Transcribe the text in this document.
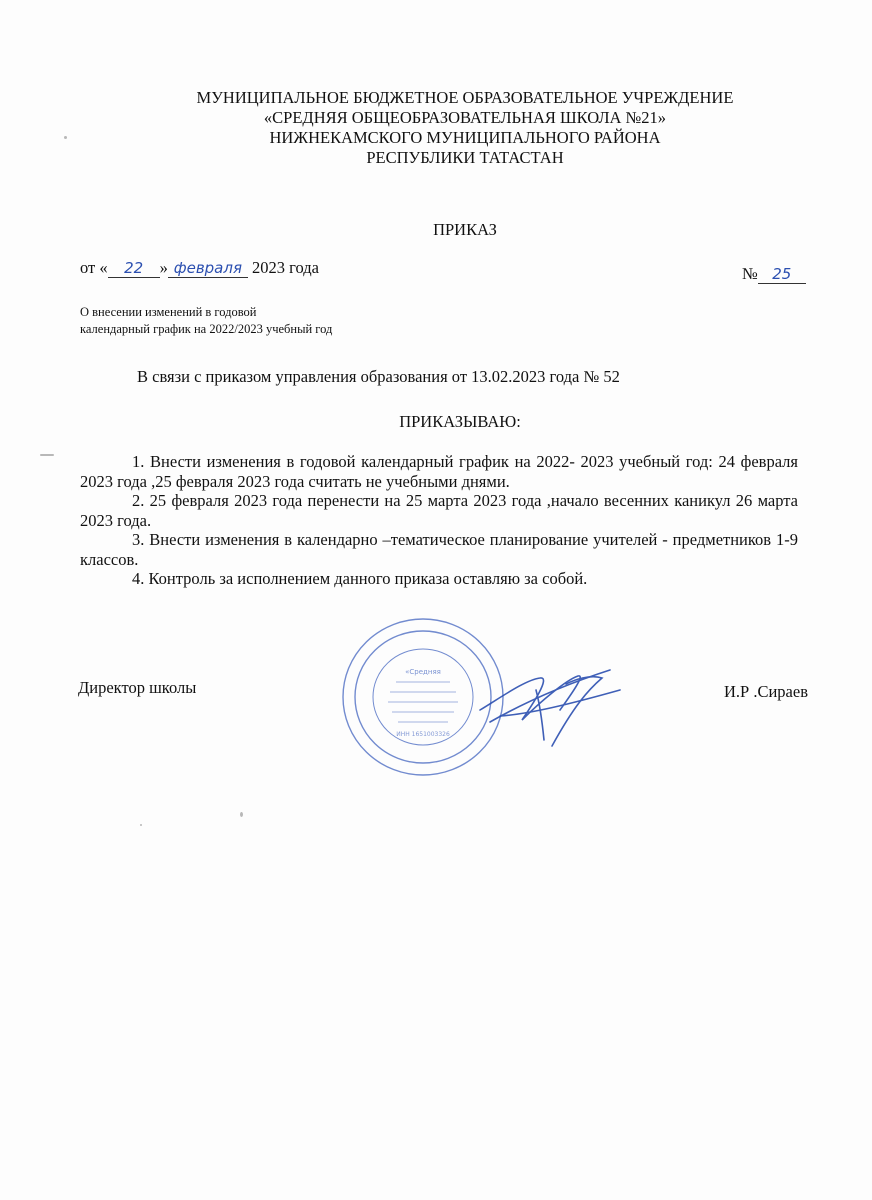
МУНИЦИПАЛЬНОЕ БЮДЖЕТНОЕ ОБРАЗОВАТЕЛЬНОЕ УЧРЕЖДЕНИЕ
«СРЕДНЯЯ ОБЩЕОБРАЗОВАТЕЛЬНАЯ ШКОЛА №21»
НИЖНЕКАМСКОГО МУНИЦИПАЛЬНОГО РАЙОНА
РЕСПУБЛИКИ ТАТАСТАН
ПРИКАЗ
от « 22 » февраля 2023 года	№ 25
О внесении изменений в годовой
календарный график на 2022/2023 учебный год
В связи с приказом управления образования от 13.02.2023 года № 52
ПРИКАЗЫВАЮ:

1. Внести изменения в годовой календарный график на 2022- 2023 учебный год: 24 февраля 2023 года ,25 февраля 2023 года считать не учебными днями.

2. 25 февраля 2023 года перенести на 25 марта 2023 года ,начало весенних каникул 26 марта 2023 года.

3. Внести изменения в календарно –тематическое планирование учителей - предметников 1-9 классов.

4. Контроль за исполнением данного приказа оставляю за собой.

Директор школы	И.Р .Сираев
«Средняя
ИНН 1651003326
